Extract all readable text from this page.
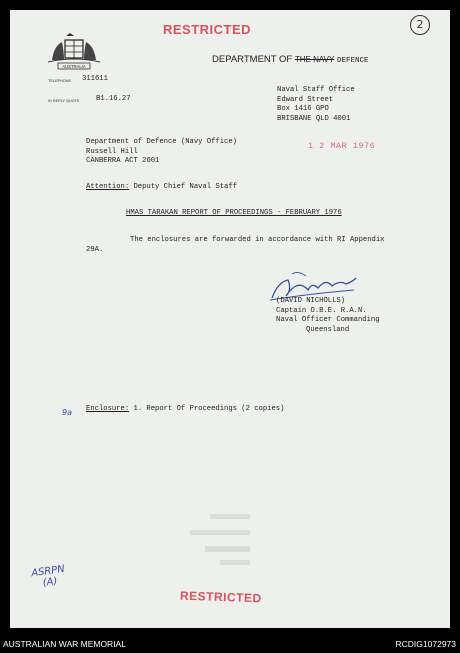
RESTRICTED	2
AUSTRALIA
DEPARTMENT OF THE NAVY DEFENCE
TELEPHONE 311611
IN REPLY QUOTE B1.16.27
Naval Staff Office
Edward Street
Box 1416 GPO
BRISBANE QLD 4001
Department of Defence (Navy Office)
Russell Hill
CANBERRA ACT 2601
1 2 MAR 1976
Attention: Deputy Chief Naval Staff
HMAS TARAKAN REPORT OF PROCEEDINGS - FEBRUARY 1976
The enclosures are forwarded in accordance with RI Appendix
29A.
(DAVID NICHOLLS)
Captain O.B.E. R.A.N.
Naval Officer Commanding
Queensland
9a Enclosure: 1. Report Of Proceedings (2 copies)
ASRPN
(A)
RESTRICTED
AUSTRALIAN WAR MEMORIAL	RCDIG1072973
